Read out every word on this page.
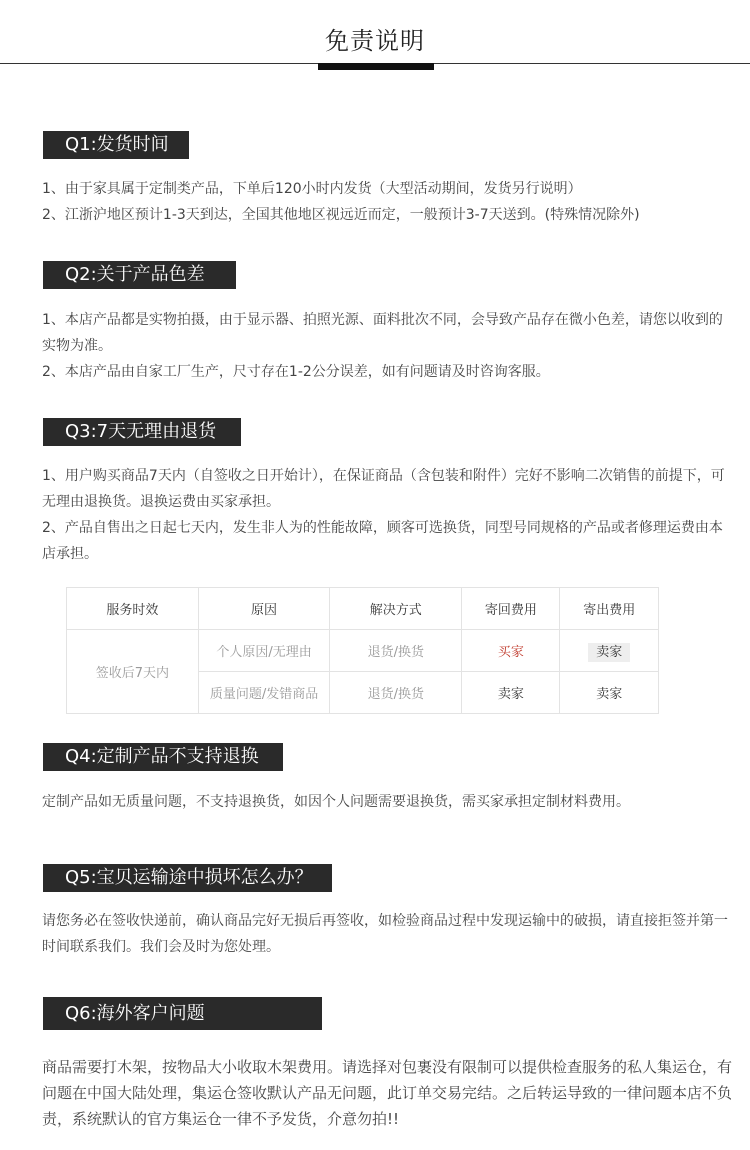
免责说明
Q1:发货时间

1、由于家具属于定制类产品，下单后120小时内发货（大型活动期间，发货另行说明）

2、江浙沪地区预计1-3天到达，全国其他地区视远近而定，一般预计3-7天送到。(特殊情况除外)

Q2:关于产品色差

1、本店产品都是实物拍摄，由于显示器、拍照光源、面料批次不同，会导致产品存在微小色差，请您以收到的实物为准。

2、本店产品由自家工厂生产，尺寸存在1-2公分误差，如有问题请及时咨询客服。

Q3:7天无理由退货

1、用户购买商品7天内（自签收之日开始计），在保证商品（含包装和附件）完好不影响二次销售的前提下，可无理由退换货。退换运费由买家承担。

2、产品自售出之日起七天内，发生非人为的性能故障，顾客可选换货，同型号同规格的产品或者修理运费由本店承担。

服务时效	原因	解决方式	寄回费用	寄出费用
签收后7天内	个人原因/无理由	退货/换货	买家	卖家
	质量问题/发错商品	退货/换货	卖家	卖家
Q4:定制产品不支持退换

定制产品如无质量问题，不支持退换货，如因个人问题需要退换货，需买家承担定制材料费用。

Q5:宝贝运输途中损坏怎么办？

请您务必在签收快递前，确认商品完好无损后再签收，如检验商品过程中发现运输中的破损，请直接拒签并第一时间联系我们。我们会及时为您处理。

Q6:海外客户问题

商品需要打木架，按物品大小收取木架费用。请选择对包裹没有限制可以提供检查服务的私人集运仓，有问题在中国大陆处理，集运仓签收默认产品无问题，此订单交易完结。之后转运导致的一律问题本店不负责，系统默认的官方集运仓一律不予发货，介意勿拍!!
